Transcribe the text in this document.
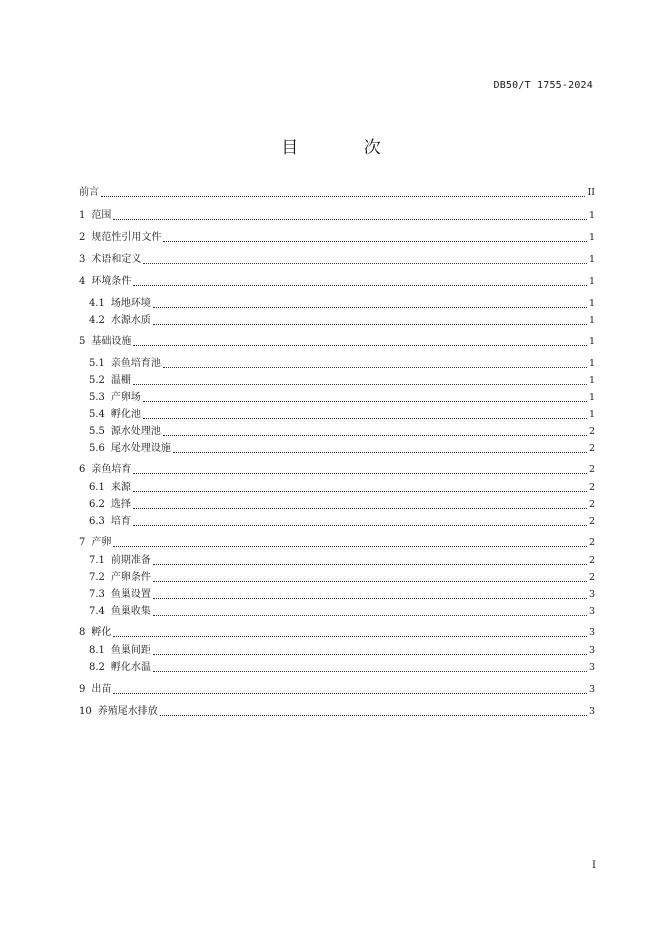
DB50/T 1755-2024
目 次
前言	II
1 范围	1
2 规范性引用文件	1
3 术语和定义	1
4 环境条件	1
4.1 场地环境	1
4.2 水源水质	1
5 基础设施	1
5.1 亲鱼培育池	1
5.2 温棚	1
5.3 产卵场	1
5.4 孵化池	1
5.5 源水处理池	2
5.6 尾水处理设施	2
6 亲鱼培育	2
6.1 来源	2
6.2 选择	2
6.3 培育	2
7 产卵	2
7.1 前期准备	2
7.2 产卵条件	2
7.3 鱼巢设置	3
7.4 鱼巢收集	3
8 孵化	3
8.1 鱼巢间距	3
8.2 孵化水温	3
9 出苗	3
10 养殖尾水排放	3
I
